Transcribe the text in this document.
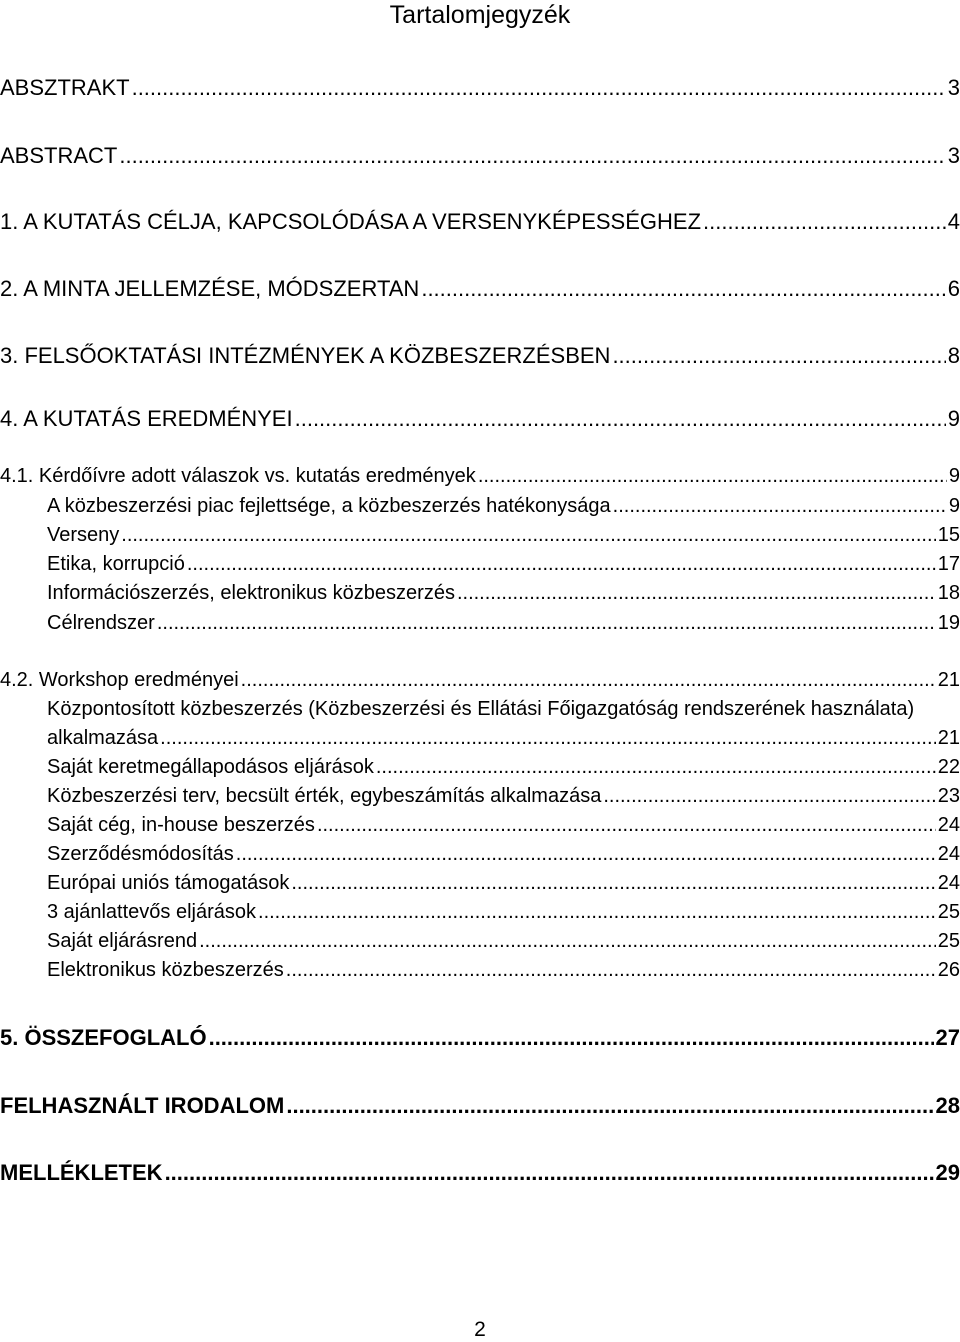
Tartalomjegyzék
ABSZTRAKT .....	3
ABSTRACT .....	3
1. A KUTATÁS CÉLJA, KAPCSOLÓDÁSA A VERSENYKÉPESSÉGHEZ .....	4
2. A MINTA JELLEMZÉSE, MÓDSZERTAN .....	6
3. FELSŐOKTATÁSI INTÉZMÉNYEK A KÖZBESZERZÉSBEN .....	8
4. A KUTATÁS EREDMÉNYEI .....	9
4.1. Kérdőívre adott válaszok vs. kutatás eredmények .....	9
A közbeszerzési piac fejlettsége, a közbeszerzés hatékonysága .....	9
Verseny .....	15
Etika, korrupció .....	17
Információszerzés, elektronikus közbeszerzés .....	18
Célrendszer .....	19
4.2. Workshop eredményei .....	21
Központosított közbeszerzés (Közbeszerzési és Ellátási Főigazgatóság rendszerének használata)
alkalmazása .....	21
Saját keretmegállapodásos eljárások .....	22
Közbeszerzési terv, becsült érték, egybeszámítás alkalmazása .....	23
Saját cég, in-house beszerzés .....	24
Szerződésmódosítás .....	24
Európai uniós támogatások .....	24
3 ajánlattevős eljárások .....	25
Saját eljárásrend .....	25
Elektronikus közbeszerzés .....	26
5. ÖSSZEFOGLALÓ .....	27
FELHASZNÁLT IRODALOM .....	28
MELLÉKLETEK .....	29
2
